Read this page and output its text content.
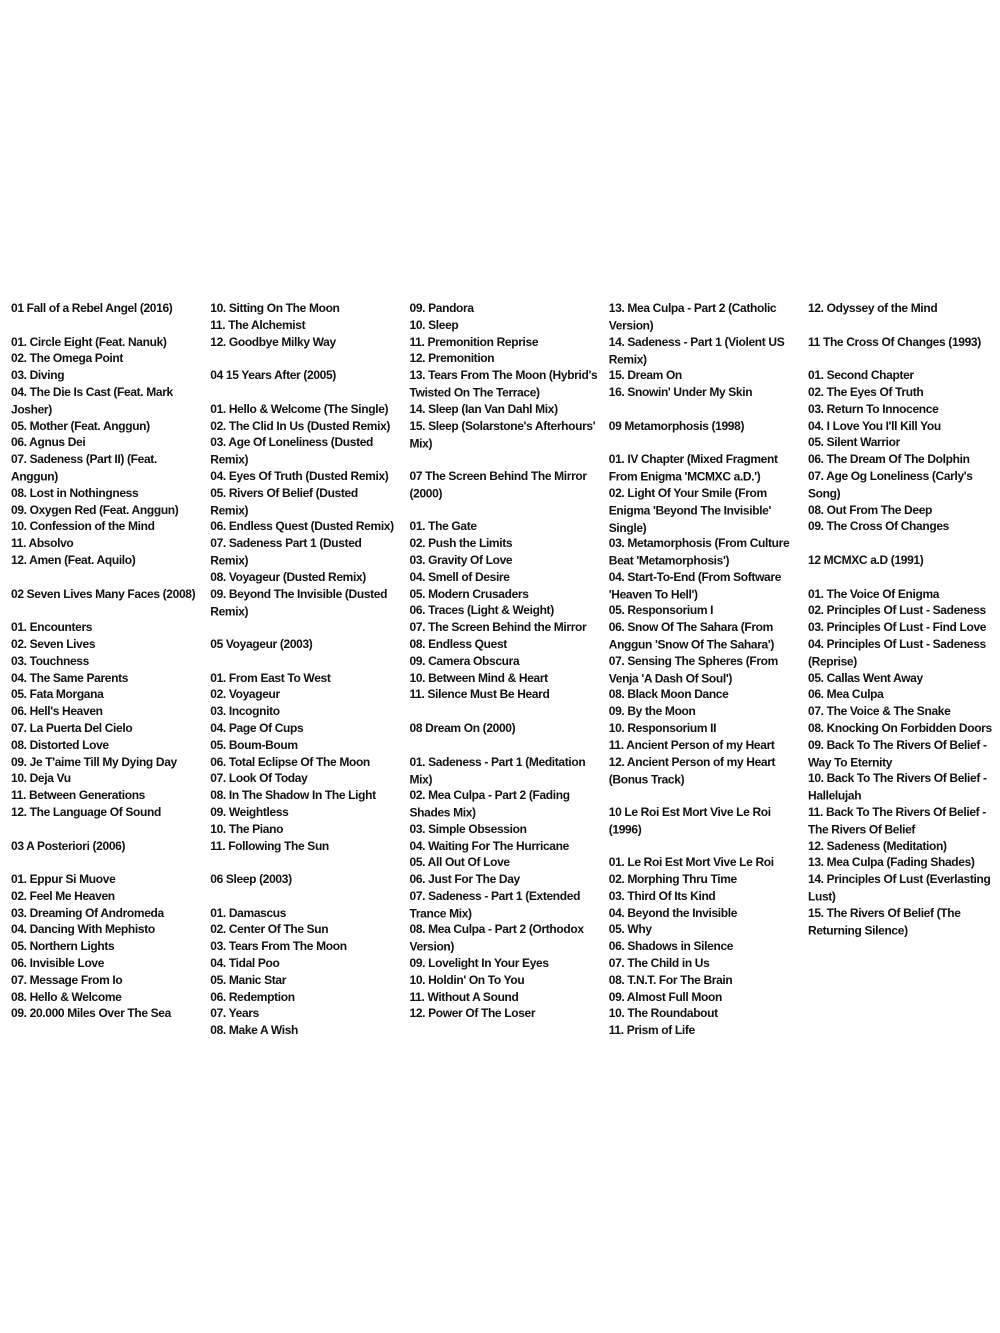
01 Fall of a Rebel Angel (2016)
01. Circle Eight (Feat. Nanuk)
02. The Omega Point
03. Diving
04. The Die Is Cast (Feat. Mark Josher)
05. Mother (Feat. Anggun)
06. Agnus Dei
07. Sadeness (Part II) (Feat. Anggun)
08. Lost in Nothingness
09. Oxygen Red (Feat. Anggun)
10. Confession of the Mind
11. Absolvo
12. Amen (Feat. Aquilo)
02 Seven Lives Many Faces (2008)
01. Encounters
02. Seven Lives
03. Touchness
04. The Same Parents
05. Fata Morgana
06. Hell's Heaven
07. La Puerta Del Cielo
08. Distorted Love
09. Je T'aime Till My Dying Day
10. Deja Vu
11. Between Generations
12. The Language Of Sound
03 A Posteriori (2006)
01. Eppur Si Muove
02. Feel Me Heaven
03. Dreaming Of Andromeda
04. Dancing With Mephisto
05. Northern Lights
06. Invisible Love
07. Message From Io
08. Hello & Welcome
09. 20.000 Miles Over The Sea
10. Sitting On The Moon
11. The Alchemist
12. Goodbye Milky Way
04 15 Years After (2005)
01. Hello & Welcome (The Single)
02. The Clid In Us (Dusted Remix)
03. Age Of Loneliness (Dusted Remix)
04. Eyes Of Truth (Dusted Remix)
05. Rivers Of Belief (Dusted Remix)
06. Endless Quest (Dusted Remix)
07. Sadeness Part 1 (Dusted Remix)
08. Voyageur (Dusted Remix)
09. Beyond The Invisible (Dusted Remix)
05 Voyageur (2003)
01. From East To West
02. Voyageur
03. Incognito
04. Page Of Cups
05. Boum-Boum
06. Total Eclipse Of The Moon
07. Look Of Today
08. In The Shadow In The Light
09. Weightless
10. The Piano
11. Following The Sun
06 Sleep (2003)
01. Damascus
02. Center Of The Sun
03. Tears From The Moon
04. Tidal Poo
05. Manic Star
06. Redemption
07. Years
08. Make A Wish
09. Pandora
10. Sleep
11. Premonition Reprise
12. Premonition
13. Tears From The Moon (Hybrid's Twisted On The Terrace)
14. Sleep (Ian Van Dahl Mix)
15. Sleep (Solarstone's Afterhours' Mix)
07 The Screen Behind The Mirror (2000)
01. The Gate
02. Push the Limits
03. Gravity Of Love
04. Smell of Desire
05. Modern Crusaders
06. Traces (Light & Weight)
07. The Screen Behind the Mirror
08. Endless Quest
09. Camera Obscura
10. Between Mind & Heart
11. Silence Must Be Heard
08 Dream On (2000)
01. Sadeness - Part 1 (Meditation Mix)
02. Mea Culpa - Part 2 (Fading Shades Mix)
03. Simple Obsession
04. Waiting For The Hurricane
05. All Out Of Love
06. Just For The Day
07. Sadeness - Part 1 (Extended Trance Mix)
08. Mea Culpa - Part 2 (Orthodox Version)
09. Lovelight In Your Eyes
10. Holdin' On To You
11. Without A Sound
12. Power Of The Loser
13. Mea Culpa - Part 2 (Catholic Version)
14. Sadeness - Part 1 (Violent US Remix)
15. Dream On
16. Snowin' Under My Skin
09 Metamorphosis (1998)
01. IV Chapter (Mixed Fragment From Enigma 'MCMXC a.D.')
02. Light Of Your Smile (From Enigma 'Beyond The Invisible' Single)
03. Metamorphosis (From Culture Beat 'Metamorphosis')
04. Start-To-End (From Software 'Heaven To Hell')
05. Responsorium I
06. Snow Of The Sahara (From Anggun 'Snow Of The Sahara')
07. Sensing The Spheres (From Venja 'A Dash Of Soul')
08. Black Moon Dance
09. By the Moon
10. Responsorium II
11. Ancient Person of my Heart
12. Ancient Person of my Heart (Bonus Track)
10 Le Roi Est Mort Vive Le Roi (1996)
01. Le Roi Est Mort Vive Le Roi
02. Morphing Thru Time
03. Third Of Its Kind
04. Beyond the Invisible
05. Why
06. Shadows in Silence
07. The Child in Us
08. T.N.T. For The Brain
09. Almost Full Moon
10. The Roundabout
11. Prism of Life
12. Odyssey of the Mind
11 The Cross Of Changes (1993)
01. Second Chapter
02. The Eyes Of Truth
03. Return To Innocence
04. I Love You I'll Kill You
05. Silent Warrior
06. The Dream Of The Dolphin
07. Age Og Loneliness (Carly's Song)
08. Out From The Deep
09. The Cross Of Changes
12 MCMXC a.D (1991)
01. The Voice Of Enigma
02. Principles Of Lust - Sadeness
03. Principles Of Lust - Find Love
04. Principles Of Lust - Sadeness (Reprise)
05. Callas Went Away
06. Mea Culpa
07. The Voice & The Snake
08. Knocking On Forbidden Doors
09. Back To The Rivers Of Belief - Way To Eternity
10. Back To The Rivers Of Belief - Hallelujah
11. Back To The Rivers Of Belief - The Rivers Of Belief
12. Sadeness (Meditation)
13. Mea Culpa (Fading Shades)
14. Principles Of Lust (Everlasting Lust)
15. The Rivers Of Belief (The Returning Silence)
